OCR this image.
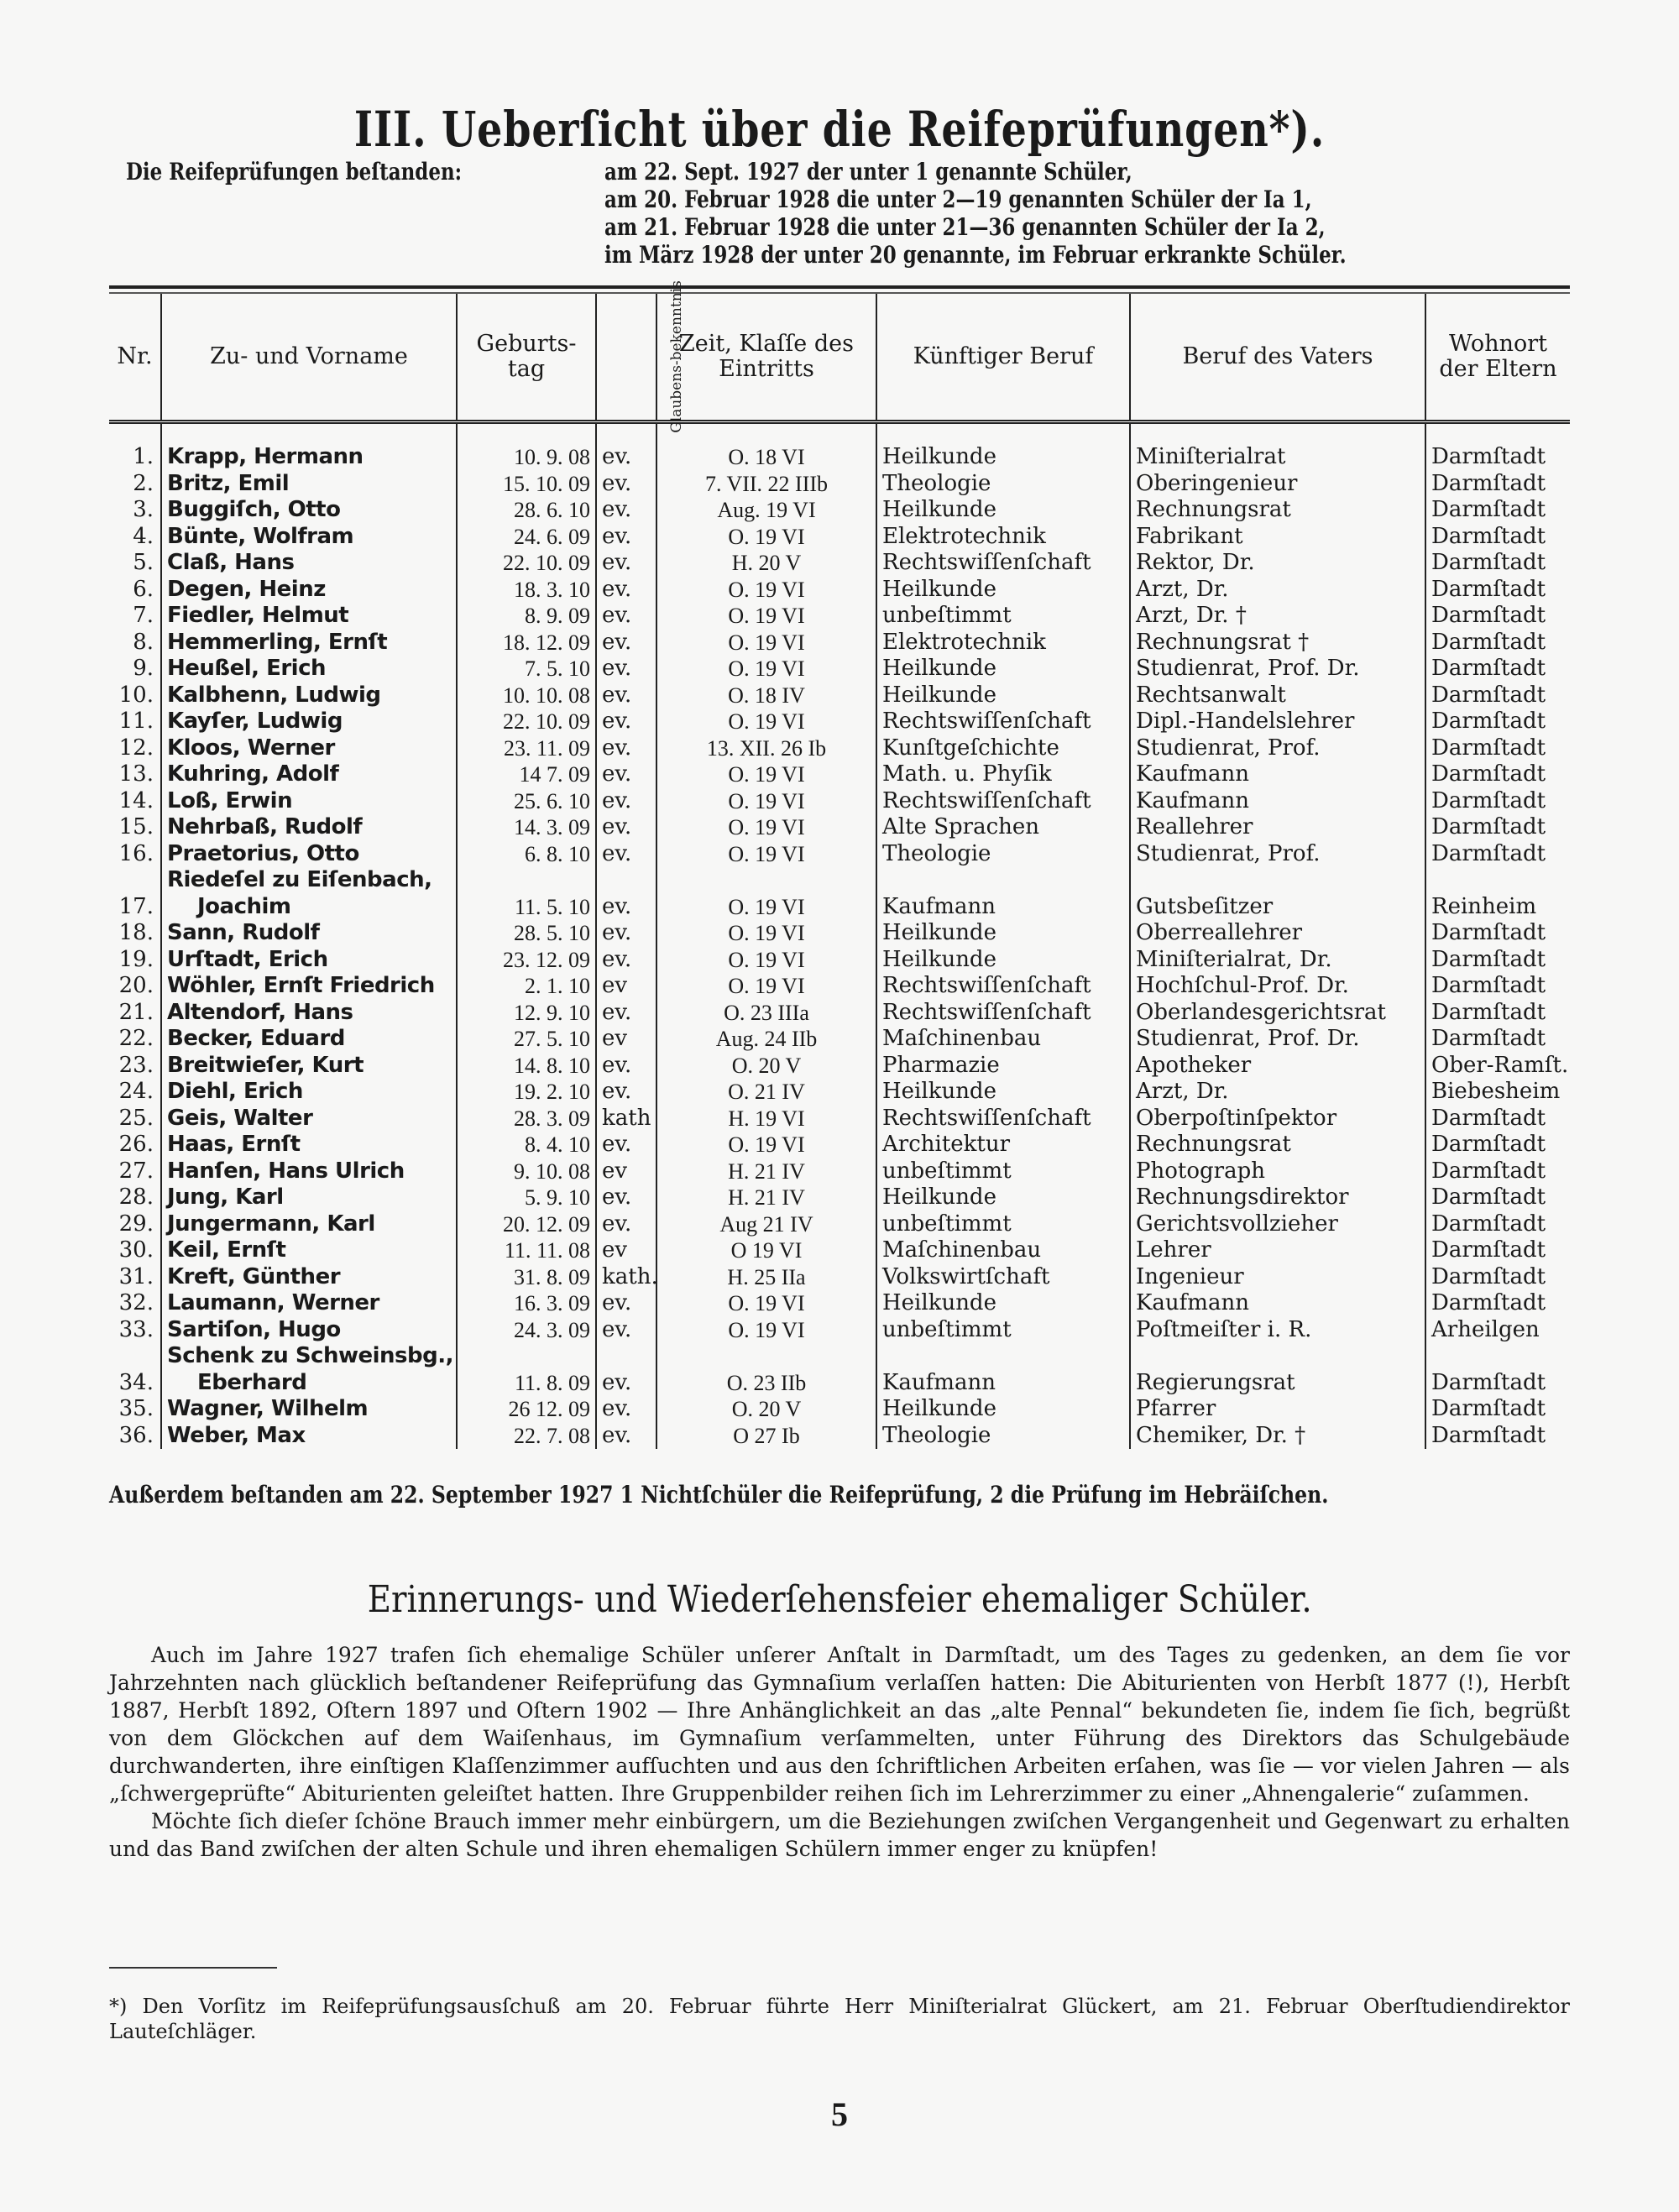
III. Ueberſicht über die Reifeprüfungen*).
Die Reifeprüfungen beſtanden:	am 22. Sept. 1927 der unter 1 genannte Schüler,
am 20. Februar 1928 die unter 2—19 genannten Schüler der Ia 1,
am 21. Februar 1928 die unter 21—36 genannten Schüler der Ia 2,
im März 1928 der unter 20 genannte, im Februar erkrankte Schüler.
Nr.	Zu- und Vorname	Geburts-tag	Glaubens-bekenntnis	Zeit, Klaſſe des Eintritts	Künftiger Beruf	Beruf des Vaters	Wohnort der Eltern
1.	Krapp, Hermann	10. 9. 08	ev.	O. 18 VI	Heilkunde	Miniſterialrat	Darmſtadt
2.	Britz, Emil	15. 10. 09	ev.	7. VII. 22 IIIb	Theologie	Oberingenieur	Darmſtadt
3.	Buggiſch, Otto	28. 6. 10	ev.	Aug. 19 VI	Heilkunde	Rechnungsrat	Darmſtadt
4.	Bünte, Wolfram	24. 6. 09	ev.	O. 19 VI	Elektrotechnik	Fabrikant	Darmſtadt
5.	Claß, Hans	22. 10. 09	ev.	H. 20 V	Rechtswiſſenſchaft	Rektor, Dr.	Darmſtadt
6.	Degen, Heinz	18. 3. 10	ev.	O. 19 VI	Heilkunde	Arzt, Dr.	Darmſtadt
7.	Fiedler, Helmut	8. 9. 09	ev.	O. 19 VI	unbeſtimmt	Arzt, Dr. †	Darmſtadt
8.	Hemmerling, Ernſt	18. 12. 09	ev.	O. 19 VI	Elektrotechnik	Rechnungsrat †	Darmſtadt
9.	Heußel, Erich	7. 5. 10	ev.	O. 19 VI	Heilkunde	Studienrat, Prof. Dr.	Darmſtadt
10.	Kalbhenn, Ludwig	10. 10. 08	ev.	O. 18 IV	Heilkunde	Rechtsanwalt	Darmſtadt
11.	Kayſer, Ludwig	22. 10. 09	ev.	O. 19 VI	Rechtswiſſenſchaft	Dipl.-Handelslehrer	Darmſtadt
12.	Kloos, Werner	23. 11. 09	ev.	13. XII. 26 Ib	Kunſtgeſchichte	Studienrat, Prof.	Darmſtadt
13.	Kuhring, Adolf	14 7. 09	ev.	O. 19 VI	Math. u. Phyſik	Kaufmann	Darmſtadt
14.	Loß, Erwin	25. 6. 10	ev.	O. 19 VI	Rechtswiſſenſchaft	Kaufmann	Darmſtadt
15.	Nehrbaß, Rudolf	14. 3. 09	ev.	O. 19 VI	Alte Sprachen	Reallehrer	Darmſtadt
16.	Praetorius, Otto	6. 8. 10	ev.	O. 19 VI	Theologie	Studienrat, Prof.	Darmſtadt
17.	Riedeſel zu Eiſenbach,
Joachim	11. 5. 10	ev.	O. 19 VI	Kaufmann	Gutsbeſitzer	Reinheim
18.	Sann, Rudolf	28. 5. 10	ev.	O. 19 VI	Heilkunde	Oberreallehrer	Darmſtadt
19.	Urſtadt, Erich	23. 12. 09	ev.	O. 19 VI	Heilkunde	Miniſterialrat, Dr.	Darmſtadt
20.	Wöhler, Ernſt Friedrich	2. 1. 10	ev	O. 19 VI	Rechtswiſſenſchaft	Hochſchul-Prof. Dr.	Darmſtadt
21.	Altendorf, Hans	12. 9. 10	ev.	O. 23 IIIa	Rechtswiſſenſchaft	Oberlandesgerichtsrat	Darmſtadt
22.	Becker, Eduard	27. 5. 10	ev	Aug. 24 IIb	Maſchinenbau	Studienrat, Prof. Dr.	Darmſtadt
23.	Breitwieſer, Kurt	14. 8. 10	ev.	O. 20 V	Pharmazie	Apotheker	Ober-Ramſt.
24.	Diehl, Erich	19. 2. 10	ev.	O. 21 IV	Heilkunde	Arzt, Dr.	Biebesheim
25.	Geis, Walter	28. 3. 09	kath	H. 19 VI	Rechtswiſſenſchaft	Oberpoſtinſpektor	Darmſtadt
26.	Haas, Ernſt	8. 4. 10	ev.	O. 19 VI	Architektur	Rechnungsrat	Darmſtadt
27.	Hanſen, Hans Ulrich	9. 10. 08	ev	H. 21 IV	unbeſtimmt	Photograph	Darmſtadt
28.	Jung, Karl	5. 9. 10	ev.	H. 21 IV	Heilkunde	Rechnungsdirektor	Darmſtadt
29.	Jungermann, Karl	20. 12. 09	ev.	Aug 21 IV	unbeſtimmt	Gerichtsvollzieher	Darmſtadt
30.	Keil, Ernſt	11. 11. 08	ev	O 19 VI	Maſchinenbau	Lehrer	Darmſtadt
31.	Kreft, Günther	31. 8. 09	kath.	H. 25 IIa	Volkswirtſchaft	Ingenieur	Darmſtadt
32.	Laumann, Werner	16. 3. 09	ev.	O. 19 VI	Heilkunde	Kaufmann	Darmſtadt
33.	Sartiſon, Hugo	24. 3. 09	ev.	O. 19 VI	unbeſtimmt	Poſtmeiſter i. R.	Arheilgen
34.	Schenk zu Schweinsbg.,
Eberhard	11. 8. 09	ev.	O. 23 IIb	Kaufmann	Regierungsrat	Darmſtadt
35.	Wagner, Wilhelm	26 12. 09	ev.	O. 20 V	Heilkunde	Pfarrer	Darmſtadt
36.	Weber, Max	22. 7. 08	ev.	O 27 Ib	Theologie	Chemiker, Dr. †	Darmſtadt
Außerdem beſtanden am 22. September 1927 1 Nichtſchüler die Reifeprüfung, 2 die Prüfung im Hebräiſchen.
Erinnerungs- und Wiederſehensfeier ehemaliger Schüler.

Auch im Jahre 1927 trafen ſich ehemalige Schüler unſerer Anſtalt in Darmſtadt, um des Tages zu gedenken, an dem ſie vor Jahrzehnten nach glücklich beſtandener Reifeprüfung das Gymnaſium verlaſſen hatten: Die Abiturienten von Herbſt 1877 (!), Herbſt 1887, Herbſt 1892, Oſtern 1897 und Oſtern 1902 — Ihre Anhänglichkeit an das „alte Pennal“ bekundeten ſie, indem ſie ſich, begrüßt von dem Glöckchen auf dem Waiſenhaus, im Gymnaſium verſammelten, unter Führung des Direktors das Schulgebäude durchwanderten, ihre einſtigen Klaſſenzimmer aufſuchten und aus den ſchriftlichen Arbeiten erſahen, was ſie — vor vielen Jahren — als „ſchwergeprüfte“ Abiturienten geleiſtet hatten. Ihre Gruppenbilder reihen ſich im Lehrerzimmer zu einer „Ahnengalerie“ zuſammen.

Möchte ſich dieſer ſchöne Brauch immer mehr einbürgern, um die Beziehungen zwiſchen Vergangenheit und Gegenwart zu erhalten und das Band zwiſchen der alten Schule und ihren ehemaligen Schülern immer enger zu knüpfen!

*) Den Vorſitz im Reifeprüfungsausſchuß am 20. Februar führte Herr Miniſterialrat Glückert, am 21. Februar Oberſtudiendirektor Lauteſchläger.
5
